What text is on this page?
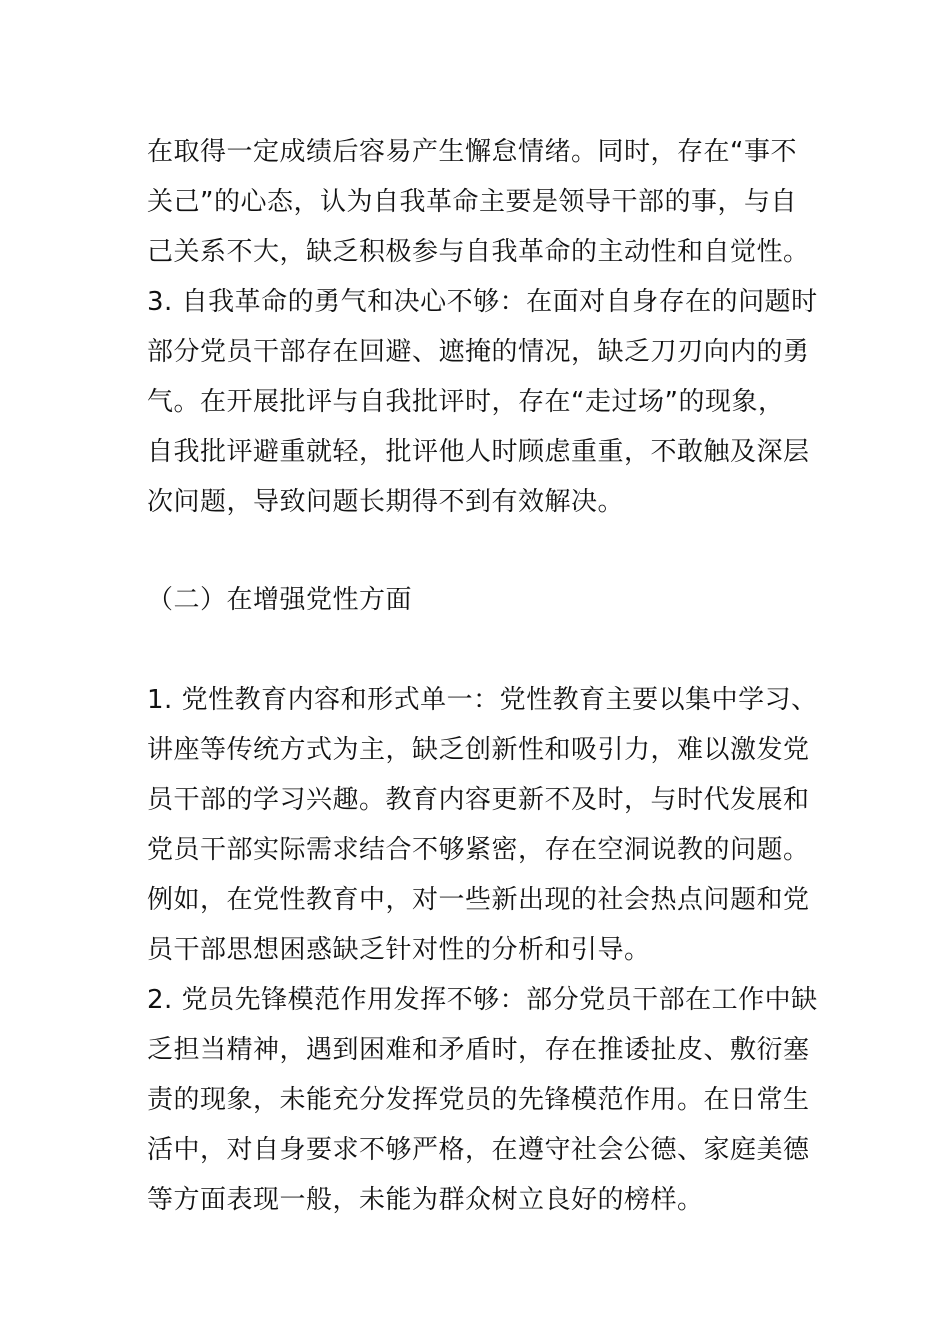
在取得一定成绩后容易产生懈怠情绪。同时，存在“事不
关己”的心态，认为自我革命主要是领导干部的事，与自
己关系不大，缺乏积极参与自我革命的主动性和自觉性。
3. 自我革命的勇气和决心不够：在面对自身存在的问题时
部分党员干部存在回避、遮掩的情况，缺乏刀刃向内的勇
气。在开展批评与自我批评时，存在“走过场”的现象，
自我批评避重就轻，批评他人时顾虑重重，不敢触及深层
次问题，导致问题长期得不到有效解决。
（二）在增强党性方面
1. 党性教育内容和形式单一：党性教育主要以集中学习、
讲座等传统方式为主，缺乏创新性和吸引力，难以激发党
员干部的学习兴趣。教育内容更新不及时，与时代发展和
党员干部实际需求结合不够紧密，存在空洞说教的问题。
例如，在党性教育中，对一些新出现的社会热点问题和党
员干部思想困惑缺乏针对性的分析和引导。
2. 党员先锋模范作用发挥不够：部分党员干部在工作中缺
乏担当精神，遇到困难和矛盾时，存在推诿扯皮、敷衍塞
责的现象，未能充分发挥党员的先锋模范作用。在日常生
活中，对自身要求不够严格，在遵守社会公德、家庭美德
等方面表现一般，未能为群众树立良好的榜样。
